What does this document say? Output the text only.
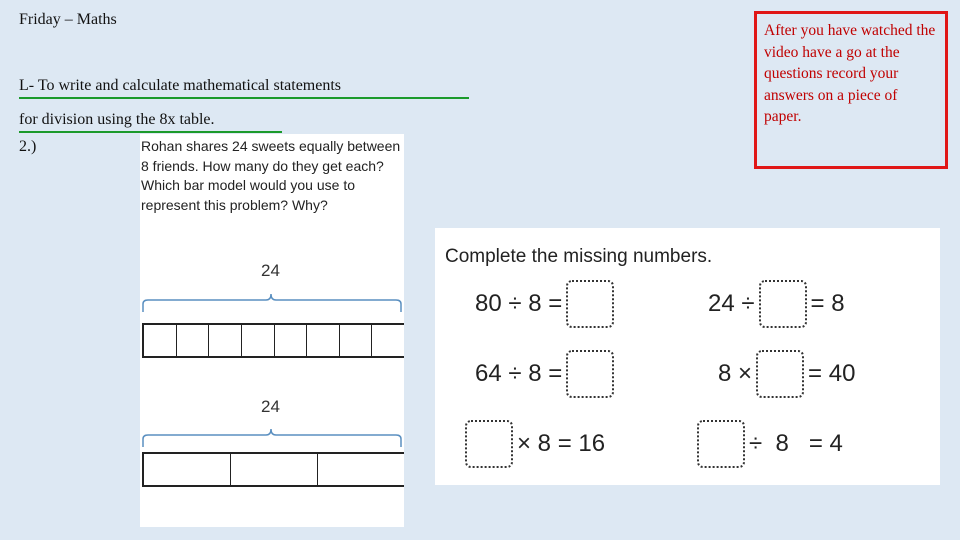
Friday – Maths
L- To write and calculate mathematical statements
for division using the 8x table.
2.)
After you have watched the video have a go at the questions record your answers on a piece of paper.
Rohan shares 24 sweets equally between 8 friends. How many do they get each? Which bar model would you use to represent this problem? Why?
24
24
Complete the missing numbers.
80 ÷ 8 =	24 ÷ = 8
64 ÷ 8 =	8 × = 40
× 8 = 16	÷  8   = 4
